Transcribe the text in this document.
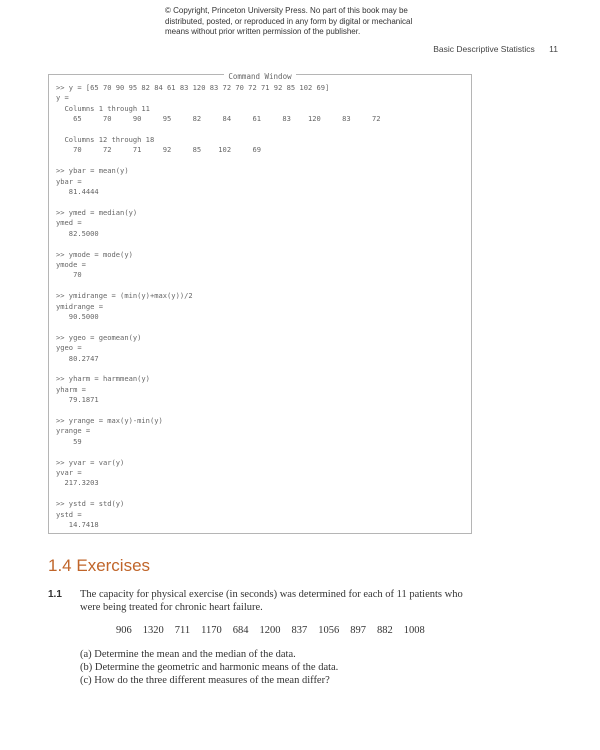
© Copyright, Princeton University Press. No part of this book may be
distributed, posted, or reproduced in any form by digital or mechanical
means without prior written permission of the publisher.
Basic Descriptive Statistics 11
Command Window
>> y = [65 70 90 95 82 84 61 83 120 83 72 70 72 71 92 85 102 69]
y =
Columns 1 through 11
65     70     90     95     82     84     61     83    120     83     72

Columns 12 through 18
70     72     71     92     85    102     69

>> ybar = mean(y)
ybar =
81.4444

>> ymed = median(y)
ymed =
82.5000

>> ymode = mode(y)
ymode =
70

>> ymidrange = (min(y)+max(y))/2
ymidrange =
90.5000

>> ygeo = geomean(y)
ygeo =
80.2747

>> yharm = harmmean(y)
yharm =
79.1871

>> yrange = max(y)-min(y)
yrange =
59

>> yvar = var(y)
yvar =
217.3203

>> ystd = std(y)
ystd =
14.7418
1.4 Exercises
1.1 The capacity for physical exercise (in seconds) was determined for each of 11 patients who were being treated for chronic heart failure.
906 1320 711 1170 684 1200 837 1056 897 882 1008
(a) Determine the mean and the median of the data.
(b) Determine the geometric and harmonic means of the data.
(c) How do the three different measures of the mean differ?
